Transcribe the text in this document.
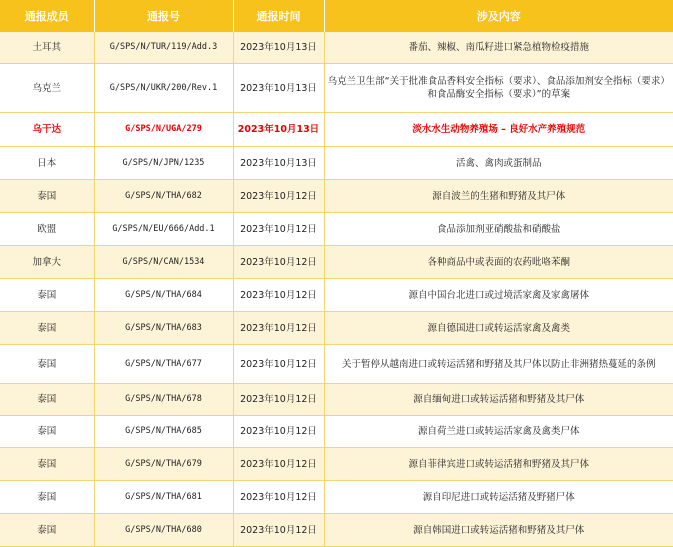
通报成员	通报号	通报时间	涉及内容
土耳其	G/SPS/N/TUR/119/Add.3	2023年10月13日	番茄、辣椒、南瓜籽进口紧急植物检疫措施
乌克兰	G/SPS/N/UKR/200/Rev.1	2023年10月13日	乌克兰卫生部“关于批准食品香料安全指标（要求）、食品添加剂安全指标（要求）和食品酶安全指标（要求）”的草案
乌干达	G/SPS/N/UGA/279	2023年10月13日	淡水水生动物养殖场 – 良好水产养殖规范
日本	G/SPS/N/JPN/1235	2023年10月13日	活禽、禽肉或蛋制品
泰国	G/SPS/N/THA/682	2023年10月12日	源自波兰的生猪和野猪及其尸体
欧盟	G/SPS/N/EU/666/Add.1	2023年10月12日	食品添加剂亚硝酸盐和硝酸盐
加拿大	G/SPS/N/CAN/1534	2023年10月12日	各种商品中或表面的农药吡咯苯酮
泰国	G/SPS/N/THA/684	2023年10月12日	源自中国台北进口或过境活家禽及家禽屠体
泰国	G/SPS/N/THA/683	2023年10月12日	源自德国进口或转运活家禽及禽类
泰国	G/SPS/N/THA/677	2023年10月12日	关于暂停从越南进口或转运活猪和野猪及其尸体以防止非洲猪热蔓延的条例
泰国	G/SPS/N/THA/678	2023年10月12日	源自缅甸进口或转运活猪和野猪及其尸体
泰国	G/SPS/N/THA/685	2023年10月12日	源自荷兰进口或转运活家禽及禽类尸体
泰国	G/SPS/N/THA/679	2023年10月12日	源自菲律宾进口或转运活猪和野猪及其尸体
泰国	G/SPS/N/THA/681	2023年10月12日	源自印尼进口或转运活猪及野猪尸体
泰国	G/SPS/N/THA/680	2023年10月12日	源自韩国进口或转运活猪和野猪及其尸体
